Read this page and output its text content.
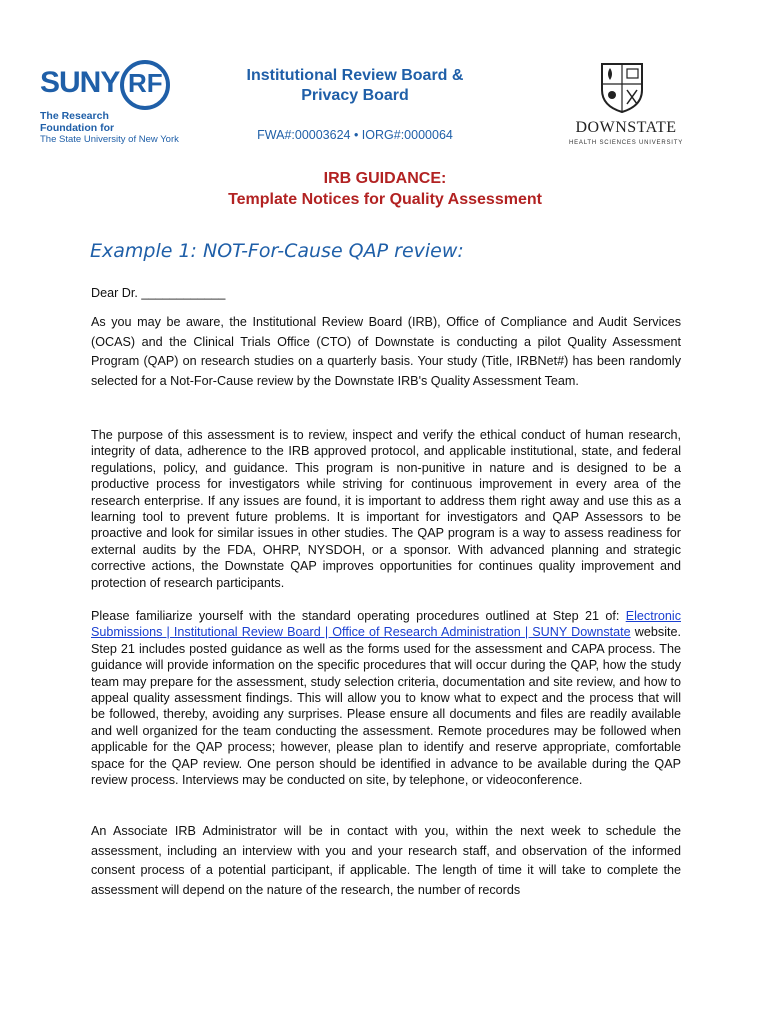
SUNY RF
The Research
Foundation for
The State University of New York
Institutional Review Board &
Privacy Board
FWA#:00003624 • IORG#:0000064	DOWNSTATE
HEALTH SCIENCES UNIVERSITY
IRB GUIDANCE:
Template Notices for Quality Assessment
Example 1: NOT-For-Cause QAP review:

Dear Dr. ____________

As you may be aware, the Institutional Review Board (IRB), Office of Compliance and Audit Services (OCAS) and the Clinical Trials Office (CTO) of Downstate is conducting a pilot Quality Assessment Program (QAP) on research studies on a quarterly basis. Your study (Title, IRBNet#) has been randomly selected for a Not-For-Cause review by the Downstate IRB's Quality Assessment Team.

The purpose of this assessment is to review, inspect and verify the ethical conduct of human research, integrity of data, adherence to the IRB approved protocol, and applicable institutional, state, and federal regulations, policy, and guidance. This program is non-punitive in nature and is designed to be a productive process for investigators while striving for continuous improvement in every area of the research enterprise. If any issues are found, it is important to address them right away and use this as a learning tool to prevent future problems. It is important for investigators and QAP Assessors to be proactive and look for similar issues in other studies. The QAP program is a way to assess readiness for external audits by the FDA, OHRP, NYSDOH, or a sponsor. With advanced planning and strategic corrective actions, the Downstate QAP improves opportunities for continues quality improvement and protection of research participants.

Please familiarize yourself with the standard operating procedures outlined at Step 21 of: Electronic Submissions | Institutional Review Board | Office of Research Administration | SUNY Downstate website. Step 21 includes posted guidance as well as the forms used for the assessment and CAPA process. The guidance will provide information on the specific procedures that will occur during the QAP, how the study team may prepare for the assessment, study selection criteria, documentation and site review, and how to appeal quality assessment findings. This will allow you to know what to expect and the process that will be followed, thereby, avoiding any surprises. Please ensure all documents and files are readily available and well organized for the team conducting the assessment. Remote procedures may be followed when applicable for the QAP process; however, please plan to identify and reserve appropriate, comfortable space for the QAP review. One person should be identified in advance to be available during the QAP review process. Interviews may be conducted on site, by telephone, or videoconference.

An Associate IRB Administrator will be in contact with you, within the next week to schedule the assessment, including an interview with you and your research staff, and observation of the informed consent process of a potential participant, if applicable. The length of time it will take to complete the assessment will depend on the nature of the research, the number of records
